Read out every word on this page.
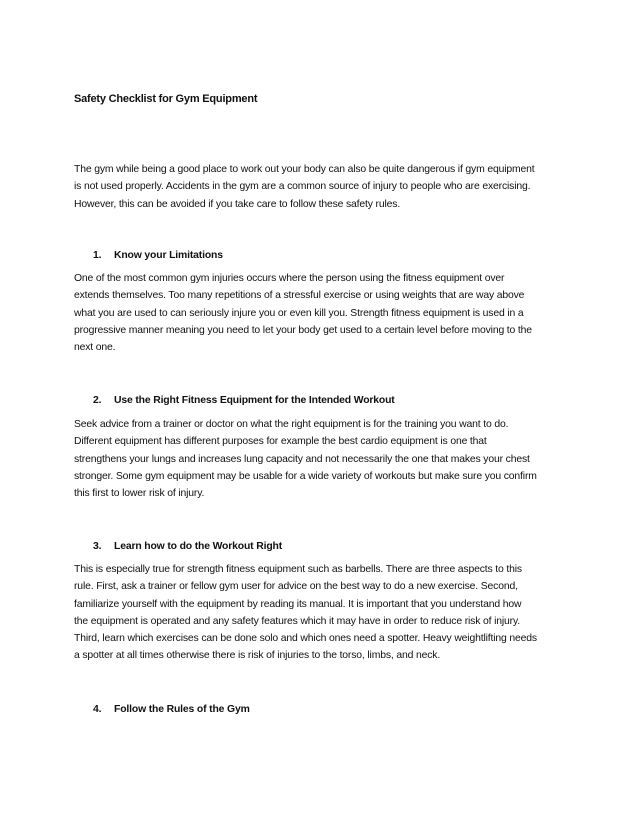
Safety Checklist for Gym Equipment

The gym while being a good place to work out your body can also be quite dangerous if gym equipment
is not used properly. Accidents in the gym are a common source of injury to people who are exercising.
However, this can be avoided if you take care to follow these safety rules.

1. Know your Limitations

One of the most common gym injuries occurs where the person using the fitness equipment over
extends themselves. Too many repetitions of a stressful exercise or using weights that are way above
what you are used to can seriously injure you or even kill you. Strength fitness equipment is used in a
progressive manner meaning you need to let your body get used to a certain level before moving to the
next one.

2. Use the Right Fitness Equipment for the Intended Workout

Seek advice from a trainer or doctor on what the right equipment is for the training you want to do.
Different equipment has different purposes for example the best cardio equipment is one that
strengthens your lungs and increases lung capacity and not necessarily the one that makes your chest
stronger. Some gym equipment may be usable for a wide variety of workouts but make sure you confirm
this first to lower risk of injury.

3. Learn how to do the Workout Right

This is especially true for strength fitness equipment such as barbells. There are three aspects to this
rule. First, ask a trainer or fellow gym user for advice on the best way to do a new exercise. Second,
familiarize yourself with the equipment by reading its manual. It is important that you understand how
the equipment is operated and any safety features which it may have in order to reduce risk of injury.
Third, learn which exercises can be done solo and which ones need a spotter. Heavy weightlifting needs
a spotter at all times otherwise there is risk of injuries to the torso, limbs, and neck.

4. Follow the Rules of the Gym
